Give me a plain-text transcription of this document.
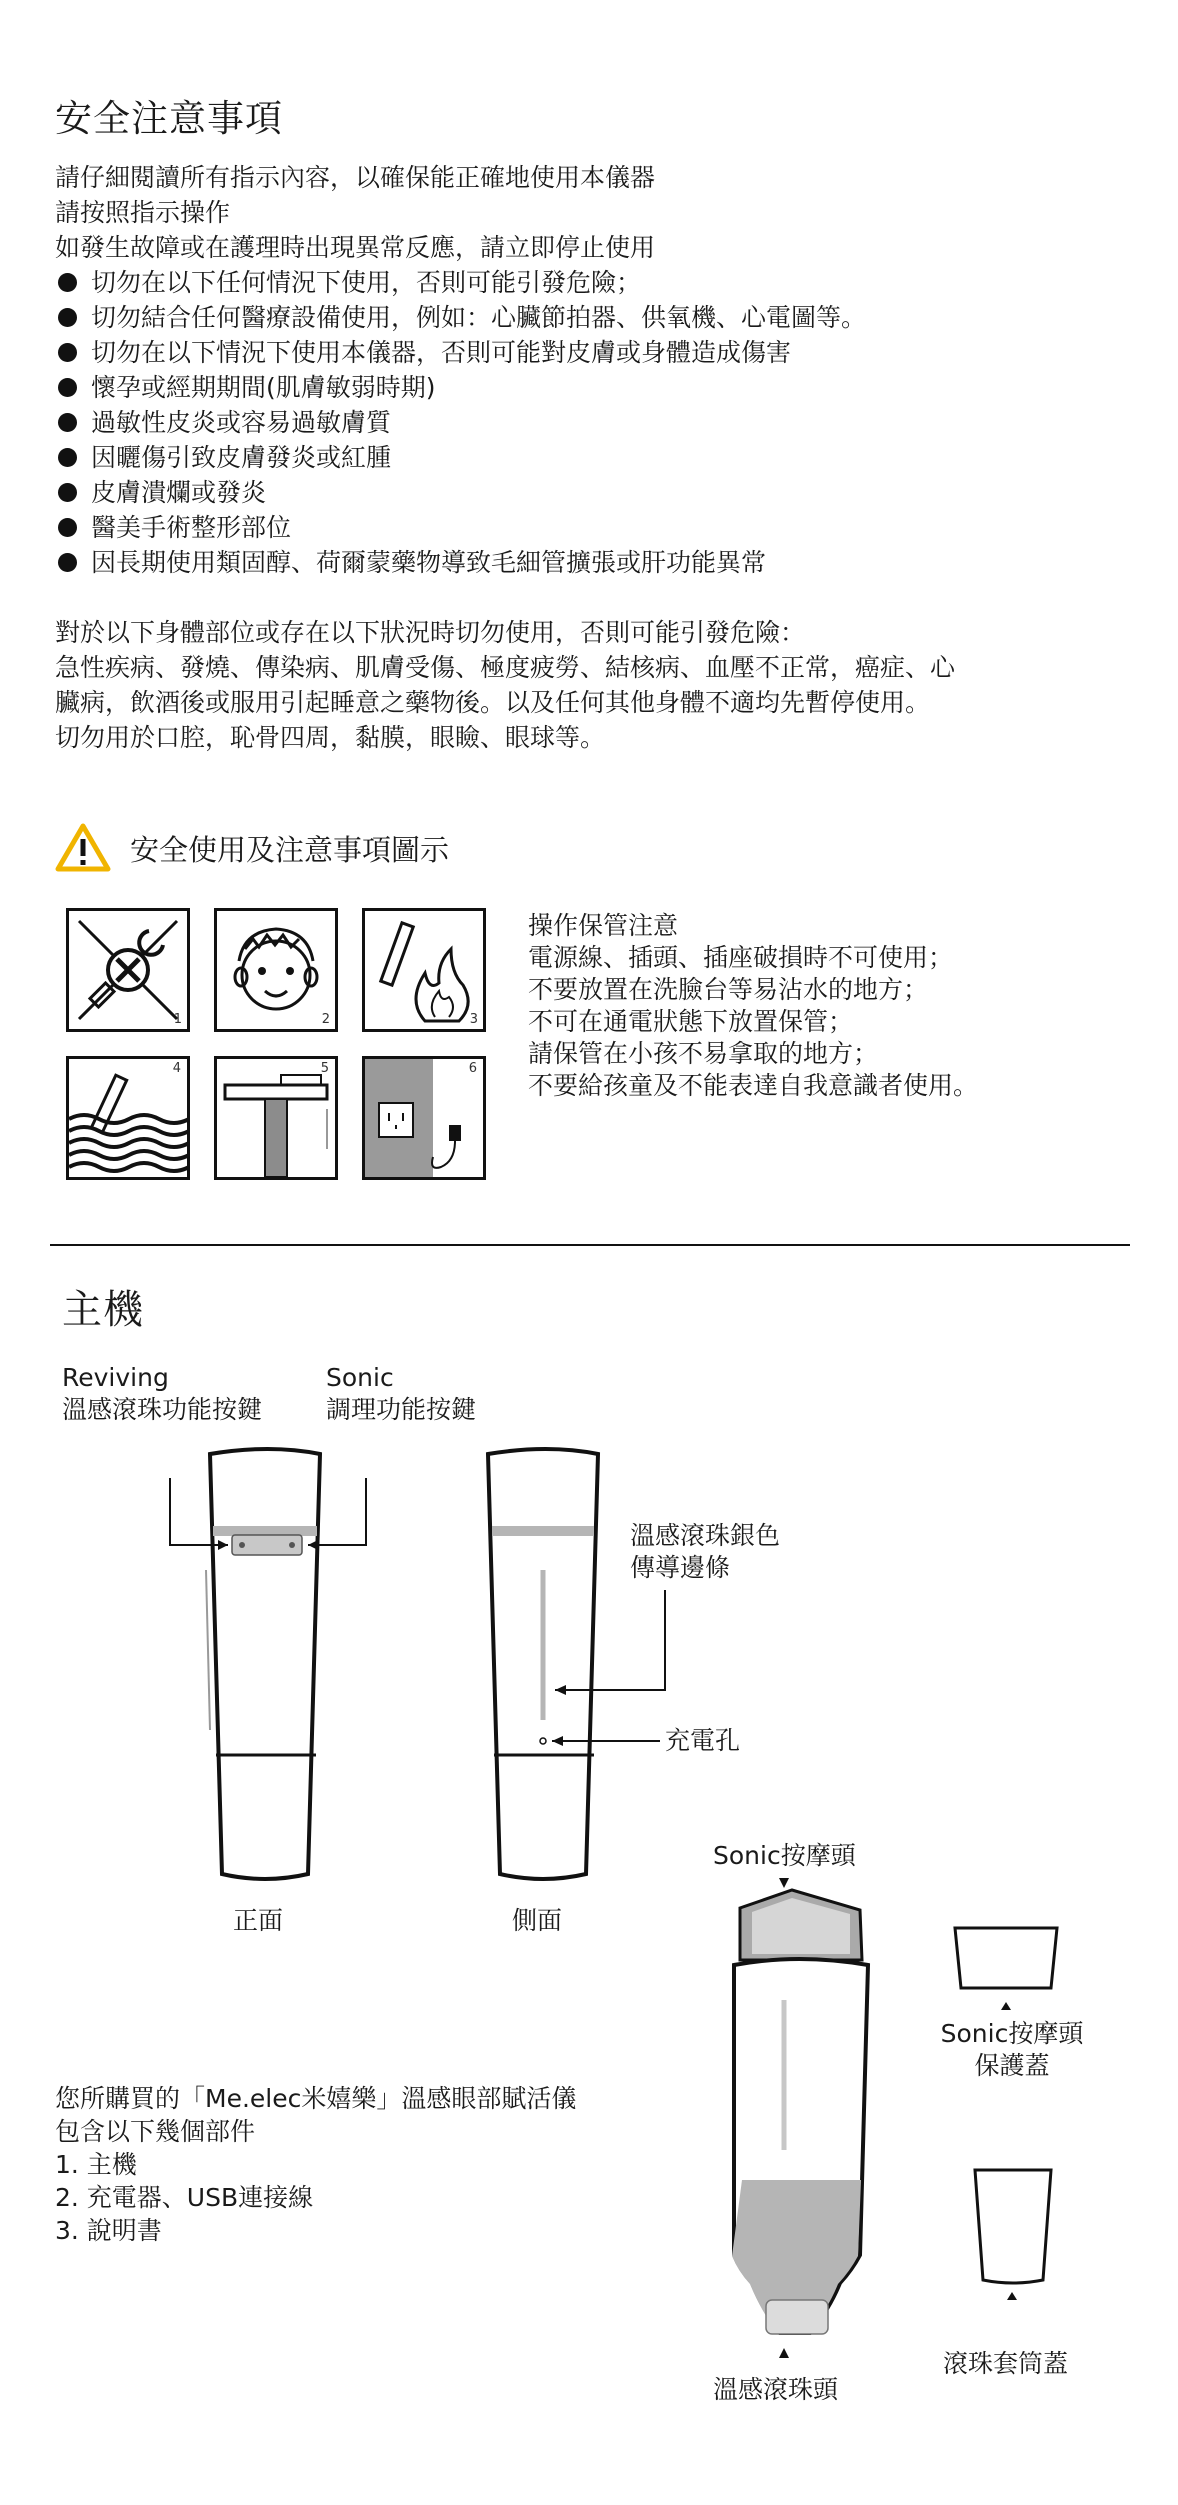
安全注意事項
請仔細閱讀所有指示內容，以確保能正確地使用本儀器
請按照指示操作
如發生故障或在護理時出現異常反應，請立即停止使用
切勿在以下任何情況下使用，否則可能引發危險；
切勿結合任何醫療設備使用，例如：心臟節拍器、供氧機、心電圖等。
切勿在以下情況下使用本儀器，否則可能對皮膚或身體造成傷害
懷孕或經期期間(肌膚敏弱時期)
過敏性皮炎或容易過敏膚質
因曬傷引致皮膚發炎或紅腫
皮膚潰爛或發炎
醫美手術整形部位
因長期使用類固醇、荷爾蒙藥物導致毛細管擴張或肝功能異常
對於以下身體部位或存在以下狀況時切勿使用，否則可能引發危險：
急性疾病、發燒、傳染病、肌膚受傷、極度疲勞、結核病、血壓不正常，癌症、心
臟病，飲酒後或服用引起睡意之藥物後。以及任何其他身體不適均先暫停使用。
切勿用於口腔，恥骨四周，黏膜，眼瞼、眼球等。
安全使用及注意事項圖示
1	2	3
4	5	6
操作保管注意
電源線、插頭、插座破損時不可使用；
不要放置在洗臉台等易沾水的地方；
不可在通電狀態下放置保管；
請保管在小孩不易拿取的地方；
不要給孩童及不能表達自我意識者使用。
主機
Reviving
溫感滾珠功能按鍵
Sonic
調理功能按鍵
溫感滾珠銀色
傳導邊條
充電孔
正面	側面
Sonic按摩頭
Sonic按摩頭
保護蓋
滾珠套筒蓋
溫感滾珠頭
您所購買的「Me.elec米嬉樂」溫感眼部賦活儀
包含以下幾個部件
1. 主機
2. 充電器、USB連接線
3. 說明書
